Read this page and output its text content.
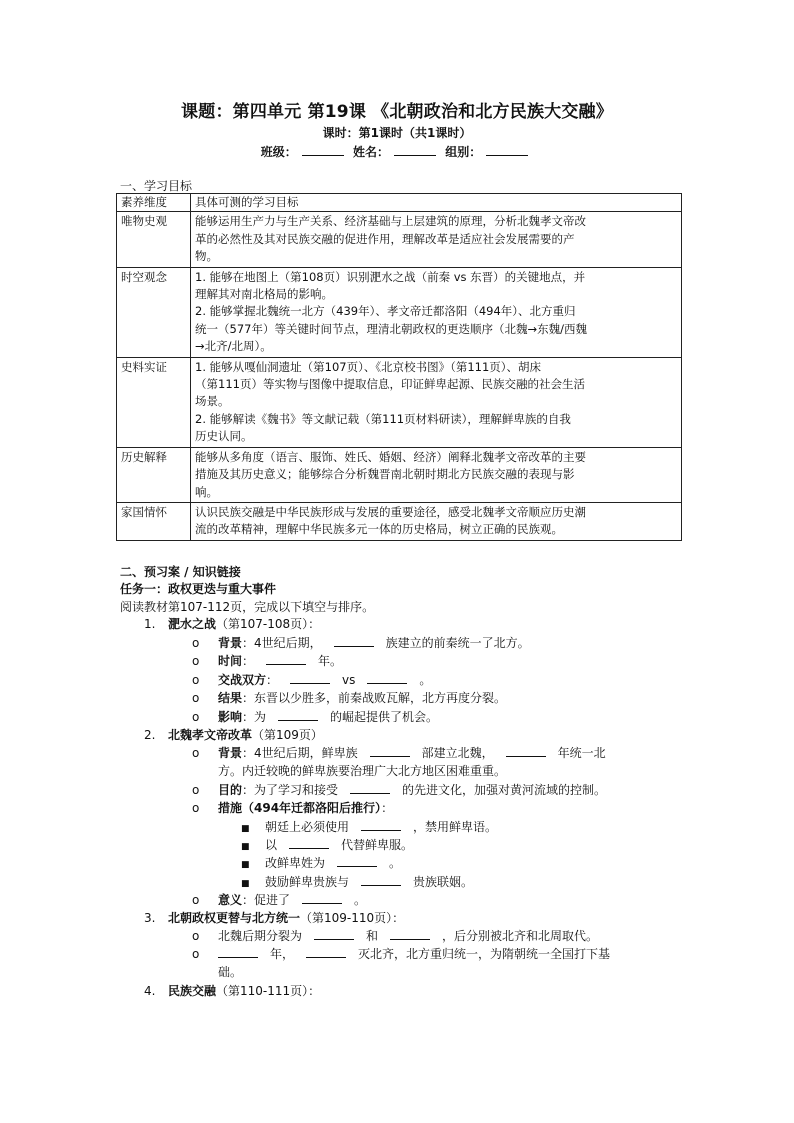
课题：第四单元 第19课 《北朝政治和北方民族大交融》
课时：第1课时（共1课时）
班级：	姓名：	组别：
一、学习目标
素养维度	具体可测的学习目标
唯物史观	能够运用生产力与生产关系、经济基础与上层建筑的原理，分析北魏孝文帝改
革的必然性及其对民族交融的促进作用，理解改革是适应社会发展需要的产
物。

时空观念	1. 能够在地图上（第108页）识别淝水之战（前秦 vs 东晋）的关键地点，并
理解其对南北格局的影响。
2. 能够掌握北魏统一北方（439年）、孝文帝迁都洛阳（494年）、北方重归
统一（577年）等关键时间节点，理清北朝政权的更迭顺序（北魏→东魏/西魏
→北齐/北周）。

史料实证	1. 能够从嘎仙洞遗址（第107页）、《北京校书图》（第111页）、胡床
（第111页）等实物与图像中提取信息，印证鲜卑起源、民族交融的社会生活
场景。
2. 能够解读《魏书》等文献记载（第111页材料研读），理解鲜卑族的自我
历史认同。

历史解释	能够从多角度（语言、服饰、姓氏、婚姻、经济）阐释北魏孝文帝改革的主要
措施及其历史意义；能够综合分析魏晋南北朝时期北方民族交融的表现与影
响。

家国情怀	认识民族交融是中华民族形成与发展的重要途径，感受北魏孝文帝顺应历史潮
流的改革精神，理解中华民族多元一体的历史格局，树立正确的民族观。
二、预习案 / 知识链接
任务一：政权更迭与重大事件
阅读教材第107-112页，完成以下填空与排序。
1. 淝水之战（第107-108页）：
o 背景：4世纪后期，	族建立的前秦统一了北方。
o 时间：	年。
o 交战双方：	vs	。
o 结果：东晋以少胜多，前秦战败瓦解，北方再度分裂。
o 影响：为	的崛起提供了机会。
2. 北魏孝文帝改革（第109页）
o 背景：4世纪后期，鲜卑族	部建立北魏，	年统一北
方。内迁较晚的鲜卑族要治理广大北方地区困难重重。
o 目的：为了学习和接受	的先进文化，加强对黄河流域的控制。
o 措施（494年迁都洛阳后推行）：
■ 朝廷上必须使用	，禁用鲜卑语。
■ 以	代替鲜卑服。
■ 改鲜卑姓为	。
■ 鼓励鲜卑贵族与	贵族联姻。
o 意义：促进了	。
3. 北朝政权更替与北方统一（第109-110页）：
o 北魏后期分裂为	和	，后分别被北齐和北周取代。
o	年，	灭北齐，北方重归统一，为隋朝统一全国打下基
础。
4. 民族交融（第110-111页）：
